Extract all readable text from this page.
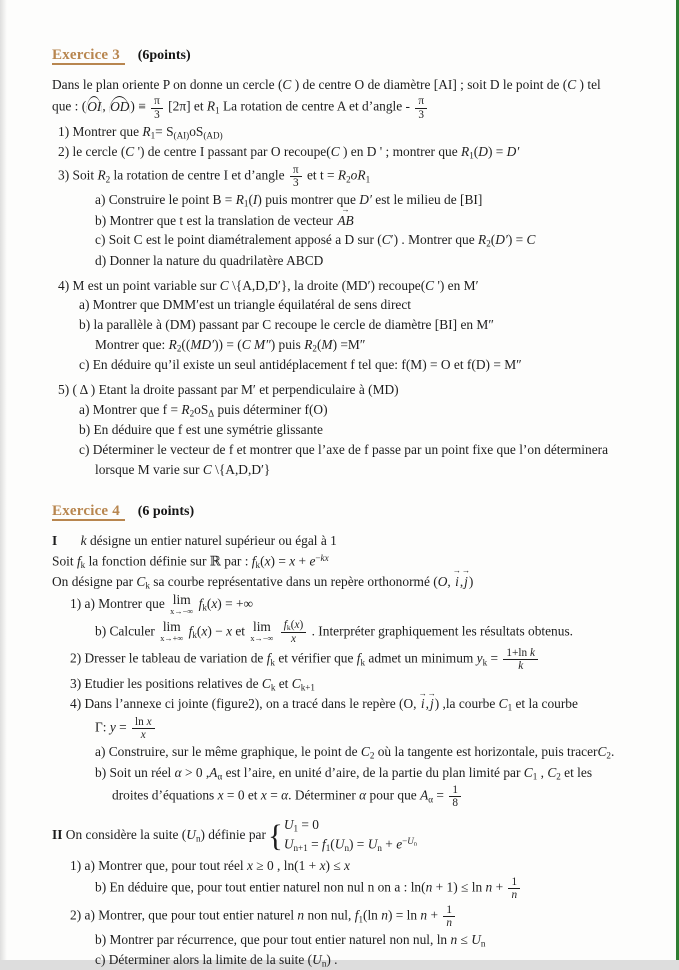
Exercice 3 (6points)

Dans le plan oriente P on donne un cercle (C ) de centre O de diamètre [AI] ; soit D le point de (C ) tel

que : (OI, $OD) \equiv \frac{\pi}{3} [2\pi]$ et $R_1$ La rotation de centre A et d’angle - $\frac{\pi}{3}$

1) Montrer que $R_1= S_{(AI)}oS_{(AD)}$

2) le cercle (C ') de centre I passant par O recoupe(C ) en D ' ; montrer que $R_1(D) = D'$

3) Soit $R_2$ la rotation de centre I et d’angle $\frac{\pi}{3}$ et $t = R_2oR_1$

a) Construire le point $B = R_1(I)$ puis montrer que D′ est le milieu de [BI]

b) Montrer que t est la translation de vecteur → AB

c) Soit C est le point diamétralement apposé a D sur (C′) . Montrer que $R_2(D') = C$

d) Donner la nature du quadrilatère ABCD

4) M est un point variable sur C \{A,D,D′}, la droite (MD′) recoupe(C ') en M′

a) Montrer que DMM′est un triangle équilatéral de sens direct

b) la parallèle à (DM) passant par C recoupe le cercle de diamètre [BI] en M″

Montrer que: $R_2((MD')) = (C$ M″) puis $R_2(M) =M''$

c) En déduire qu’il existe un seul antidéplacement f tel que: f(M) = O et f(D) = M″

5) ( Δ ) Etant la droite passant par M′ et perpendiculaire à (MD)

a) Montrer que $f = R_2oS_\Delta$ puis déterminer f(O)

b) En déduire que f est une symétrie glissante

c) Déterminer le vecteur de f et montrer que l’axe de f passe par un point fixe que l’on déterminera

lorsque M varie sur C \{A,D,D′}

Exercice 4 (6 points)

I k désigne un entier naturel supérieur ou égal à 1

Soit $f_k$ la fonction définie sur ℝ par : $f_k(x) = x + e^{-kx}$

On désigne par $C_k$ sa courbe représentative dans un repère orthonormé (O, → i,→ j)

1) a) Montrer que lim
x→−∞
$f_k(x)$ = +∞

b) Calculer lim
x→+∞
$f_k(x) - x$ et lim
x→−∞
$\frac{f_k(x)}{x}$ . Interpréter graphiquement les résultats obtenus.

2) Dresser le tableau de variation de $f_k$ et vérifier que $f_k$ admet un minimum $y_k = \frac{\text{1+ln k}}{k}$

3) Etudier les positions relatives de $C_k$ et $C_{k+1}$

4) Dans l’annexe ci jointe (figure2), on a tracé dans le repère (O, → i,→ j) ,la courbe $C_1$ et la courbe

Γ: $y = \frac{\text{ln x}}{x}$

a) Construire, sur le même graphique, le point de $C_2$ où la tangente est horizontale, puis tracerC$_2$.

b) Soit un réel α > 0 $,A_\alpha$ est l’aire, en unité d’aire, de la partie du plan limité par $C_1$ , $C_2$ et les

droites d’équations x = 0 et x = α. Déterminer α pour que $A_\alpha = \frac{1}{8}$

II On considère la suite $(U_n)$ définie par { $U_1 = 0$
$U_{n+1} = f_1(U_n) = U_n + e^{-U_n}$

1) a) Montrer que, pour tout réel x ≥ 0 , ln(1 + x) ≤ x

b) En déduire que, pour tout entier naturel non nul n on a : $\ln(n + 1) \le \ln n + \frac{1}{n}$

2) a) Montrer, que pour tout entier naturel n non nul, $f_1(\ln$ $n) = \ln n + \frac{1}{n}$

b) Montrer par récurrence, que pour tout entier naturel non nul, $\ln n \le U_n$

c) Déterminer alors la limite de la suite $(U_n)$ .
